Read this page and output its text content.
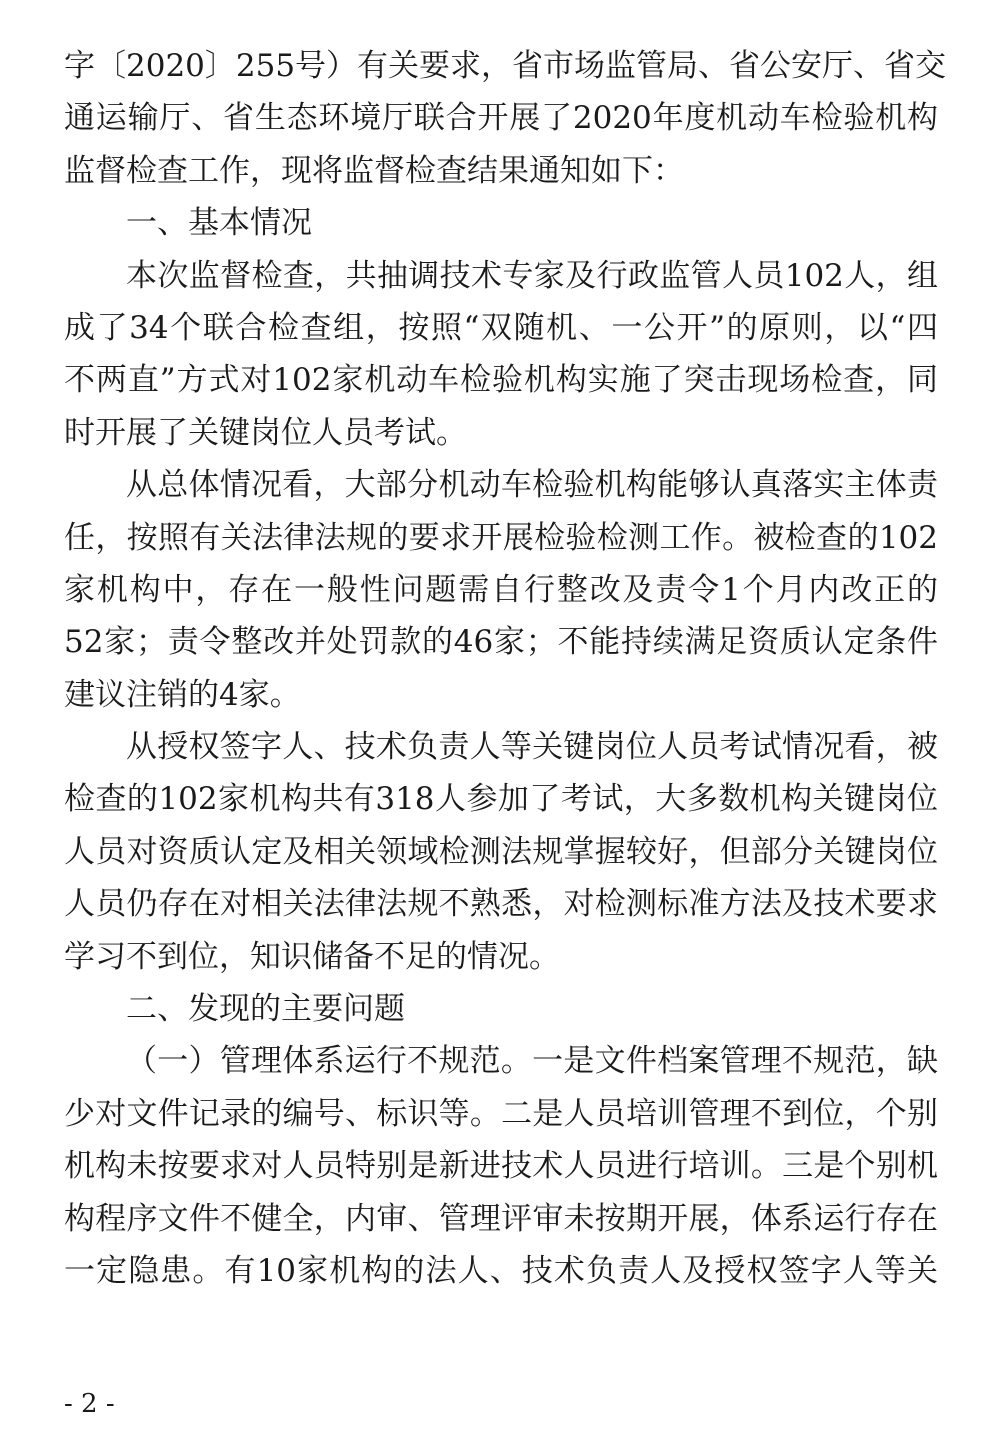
字〔2020〕255号）有关要求，省市场监管局、省公安厅、省交
通运输厅、省生态环境厅联合开展了2020年度机动车检验机构
监督检查工作，现将监督检查结果通知如下：
一、基本情况
本次监督检查，共抽调技术专家及行政监管人员102人，组
成了34个联合检查组，按照“双随机、一公开”的原则，以“四
不两直”方式对102家机动车检验机构实施了突击现场检查，同
时开展了关键岗位人员考试。
从总体情况看，大部分机动车检验机构能够认真落实主体责
任，按照有关法律法规的要求开展检验检测工作。被检查的102
家机构中，存在一般性问题需自行整改及责令1个月内改正的
52家；责令整改并处罚款的46家；不能持续满足资质认定条件
建议注销的4家。
从授权签字人、技术负责人等关键岗位人员考试情况看，被
检查的102家机构共有318人参加了考试，大多数机构关键岗位
人员对资质认定及相关领域检测法规掌握较好，但部分关键岗位
人员仍存在对相关法律法规不熟悉，对检测标准方法及技术要求
学习不到位，知识储备不足的情况。
二、发现的主要问题
（一）管理体系运行不规范。一是文件档案管理不规范，缺
少对文件记录的编号、标识等。二是人员培训管理不到位，个别
机构未按要求对人员特别是新进技术人员进行培训。三是个别机
构程序文件不健全，内审、管理评审未按期开展，体系运行存在
一定隐患。有10家机构的法人、技术负责人及授权签字人等关
- 2 -
